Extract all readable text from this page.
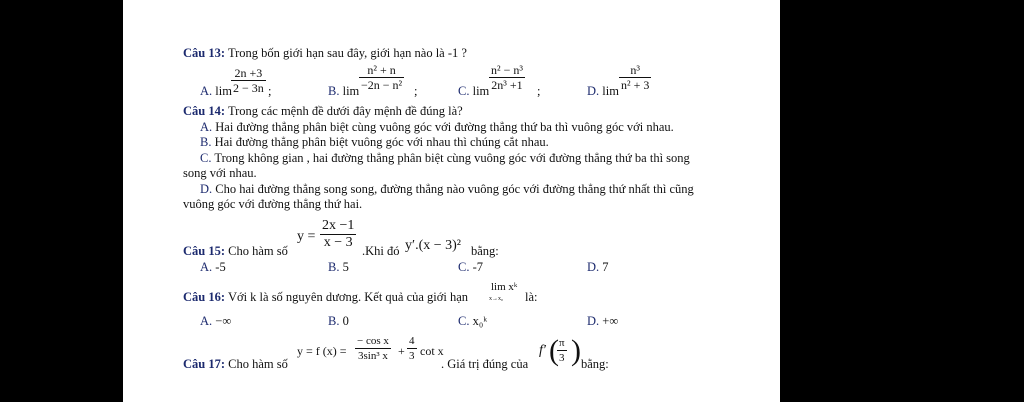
Câu 13: Trong bốn giới hạn sau đây, giới hạn nào là -1 ?
A. $\lim \frac{2n +3}{2 - 3n}$ ;	B. $\lim \frac{\text{n² + n}}{\text{−2n − n²}}$ ;	C. $\lim \frac{\text{n² − n³}}{\text{2n³ +1}}$ ;	D. $\lim \frac{\text{n³}}{\text{n² + 3}}$
Câu 14: Trong các mệnh đề dưới đây mệnh đề đúng là?
A. Hai đường thẳng phân biệt cùng vuông góc với đường thẳng thứ ba thì vuông góc với nhau.
B. Hai đường thẳng phân biệt vuông góc với nhau thì chúng cắt nhau.
C. Trong không gian , hai đường thẳng phân biệt cùng vuông góc với đường thẳng thứ ba thì song
song với nhau.
D. Cho hai đường thẳng song song, đường thẳng nào vuông góc với đường thẳng thứ nhất thì cũng
vuông góc với đường thẳng thứ hai.
Câu 15: Cho hàm số
$y = \frac{2x -1}{x - 3} .Khi$ đó y′.(x − 3)² bằng:
A. -5	B. 5	C. -7	D. 7
Câu 16: Với k là số nguyên dương. Kết quả của giới hạn
lim xᵏ
x→x₀ là:
A. −∞	B. 0	C. x₀ᵏ	D. +∞
Câu 17: Cho hàm số
y = f $(x) = \frac{\text{− cos x}}{\text{3sin³ x}} + \frac{4}{3}$ cot x
. Giá trị đúng của
f′ (
$\frac{\pi}{3}$ ) bằng:
